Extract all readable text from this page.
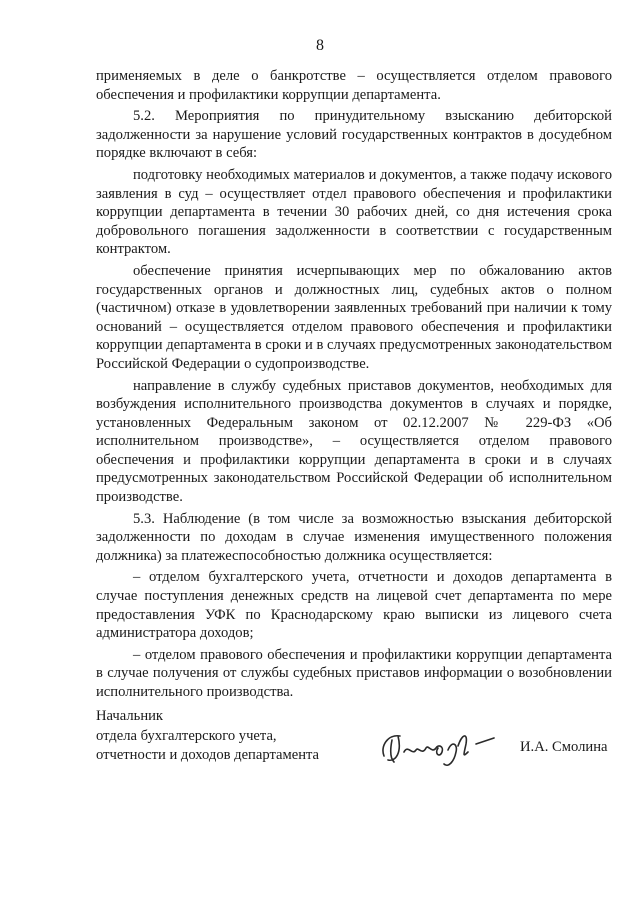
8

применяемых в деле о банкротстве – осуществляется отделом правового обеспечения и профилактики коррупции департамента.

5.2. Мероприятия по принудительному взысканию дебиторской задолженности за нарушение условий государственных контрактов в досудебном порядке включают в себя:

подготовку необходимых материалов и документов, а также подачу искового заявления в суд – осуществляет отдел правового обеспечения и профилактики коррупции департамента в течении 30 рабочих дней, со дня истечения срока добровольного погашения задолженности в соответствии с государственным контрактом.

обеспечение принятия исчерпывающих мер по обжалованию актов государственных органов и должностных лиц, судебных актов о полном (частичном) отказе в удовлетворении заявленных требований при наличии к тому оснований – осуществляется отделом правового обеспечения и профилактики коррупции департамента в сроки и в случаях предусмотренных законодательством Российской Федерации о судопроизводстве.

направление в службу судебных приставов документов, необходимых для возбуждения исполнительного производства документов в случаях и порядке, установленных Федеральным законом от 02.12.2007 № 229-ФЗ «Об исполнительном производстве», – осуществляется отделом правового обеспечения и профилактики коррупции департамента в сроки и в случаях предусмотренных законодательством Российской Федерации об исполнительном производстве.

5.3. Наблюдение (в том числе за возможностью взыскания дебиторской задолженности по доходам в случае изменения имущественного положения должника) за платежеспособностью должника осуществляется:

– отделом бухгалтерского учета, отчетности и доходов департамента в случае поступления денежных средств на лицевой счет департамента по мере предоставления УФК по Краснодарскому краю выписки из лицевого счета администратора доходов;

– отделом правового обеспечения и профилактики коррупции департамента в случае получения от службы судебных приставов информации о возобновлении исполнительного производства.

Начальник
отдела бухгалтерского учета,
отчетности и доходов департамента	И.А. Смолина
